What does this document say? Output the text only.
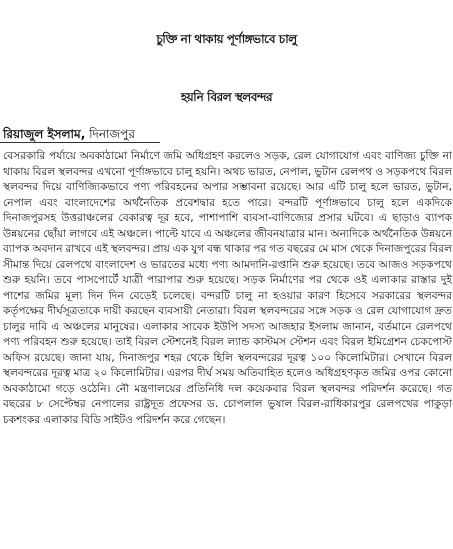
চুক্তি না থাকায় পূর্ণাঙ্গভাবে চালু
হয়নি বিরল স্থলবন্দর
রিয়াজুল ইসলাম, দিনাজপুর

বেসরকারি পর্যায়ে অবকাঠামো নির্মাণে জমি অধিগ্রহণ করলেও সড়ক, রেল যোগাযোগ এবং বাণিজ্য চুক্তি না থাকায় বিরল স্থলবন্দর এখনো পূর্ণাঙ্গভাবে চালু হয়নি। অথচ ভারত, নেপাল, ভুটান রেলপথ ও সড়কপথে বিরল স্থলবন্দর দিয়ে বাণিজ্যিকভাবে পণ্য পরিবহনের অপার সম্ভাবনা রয়েছে। আর এটি চালু হলে ভারত, ভুটান, নেপাল এবং বাংলাদেশের অর্থনৈতিক প্রবেশদ্বার হতে পারে। বন্দরটি পূর্ণাঙ্গভাবে চালু হলে একদিকে দিনাজপুরসহ উত্তরাঞ্চলের বেকারত্ব দূর হবে, পাশাপাশি ব্যবসা-বাণিজ্যের প্রসার ঘটবে। এ ছাড়াও ব্যাপক উন্নয়নের ছোঁয়া লাগবে এই অঞ্চলে। পাল্টে যাবে এ অঞ্চলের জীবনযাত্রার মান। অন্যদিকে অর্থনৈতিক উন্নয়নে ব্যাপক অবদান রাখবে এই স্থলবন্দর। প্রায় এক যুগ বন্ধ থাকার পর গত বছরের মে মাস থেকে দিনাজপুরের বিরল সীমান্ত দিয়ে রেলপথে বাংলাদেশ ও ভারতের মধ্যে পণ্য আমদানি-রপ্তানি শুরু হয়েছে। তবে আজও সড়কপথে শুরু হয়নি। তবে পাসপোর্টে যাত্রী পারাপার শুরু হয়েছে। সড়ক নির্মাণের পর থেকে ওই এলাকার রাস্তার দুই পাশের জমির মূল্য দিন দিন বেড়েই চলেছে। বন্দরটি চালু না হওয়ার কারণ হিসেবে সরকারের স্থলবন্দর কর্তৃপক্ষের দীর্ঘসূত্রতাকে দায়ী করছেন ব্যবসায়ী নেতারা। বিরল স্থলবন্দরের সঙ্গে সড়ক ও রেল যোগাযোগ দ্রুত চালুর দাবি এ অঞ্চলের মানুষের। এলাকার সাবেক ইউপি সদস্য আজহার ইসলাম জানান, বর্তমানে রেলপথে পণ্য পরিবহন শুরু হয়েছে। তাই বিরল স্টেশনেই বিরল ল্যান্ড কাস্টমস স্টেশন এবং বিরল ইমিগ্রেশন চেকপোস্ট অফিস রয়েছে। জানা যায়, দিনাজপুর শহর থেকে হিলি স্থলবন্দরের দূরত্ব ১০০ কিলোমিটার। সেখানে বিরল স্থলবন্দরের দূরত্ব মাত্র ২০ কিলোমিটার। এরপর দীর্ঘ সময় অতিবাহিত হলেও অধিগ্রহণকৃত জমির ওপর কোনো অবকাঠামো গড়ে ওঠেনি। নৌ মন্ত্রণালয়ের প্রতিনিধি দল কয়েকবার বিরল স্থলবন্দর পরিদর্শন করেছে। গত বছরের ৮ সেপ্টেম্বর নেপালের রাষ্ট্রদূত প্রফেসর ড. চোপলাল ভুষাল বিরল-রাধিকারপুর রেলপথের পাকুড়া চকশংকর এলাকার বিডি সাইটও পরিদর্শন করে গেছেন।
